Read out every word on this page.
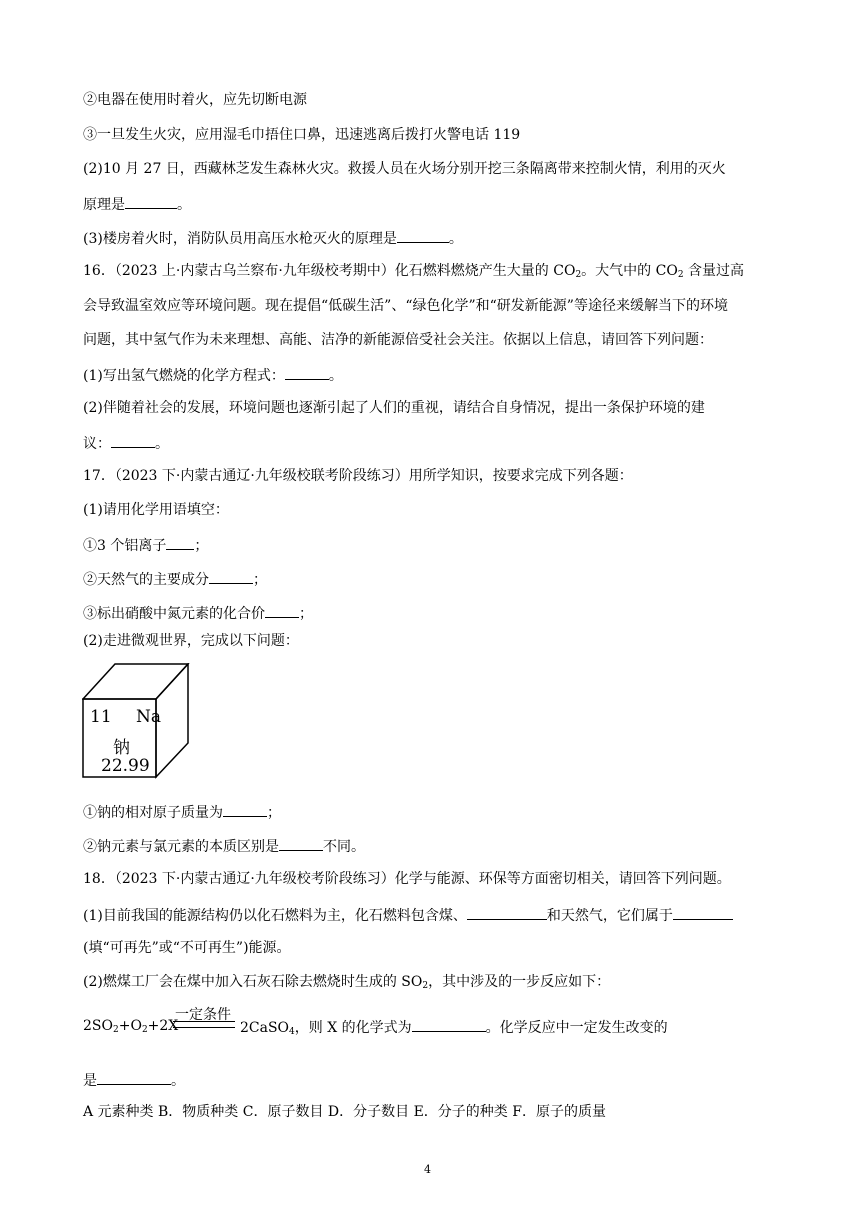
②电器在使用时着火，应先切断电源
③一旦发生火灾，应用湿毛巾捂住口鼻，迅速逃离后拨打火警电话 119
(2)10 月 27 日，西藏林芝发生森林火灾。救援人员在火场分别开挖三条隔离带来控制火情，利用的灭火
原理是	。
(3)楼房着火时，消防队员用高压水枪灭火的原理是	。
16．（2023 上·内蒙古乌兰察布·九年级校考期中）化石燃料燃烧产生大量的 $CO_2$。大气中的 $CO_2$ 含量过高
会导致温室效应等环境问题。现在提倡“低碳生活”、“绿色化学”和“研发新能源”等途径来缓解当下的环境
问题，其中氢气作为未来理想、高能、洁净的新能源倍受社会关注。依据以上信息，请回答下列问题：
(1)写出氢气燃烧的化学方程式：	。
(2)伴随着社会的发展，环境问题也逐渐引起了人们的重视，请结合自身情况，提出一条保护环境的建
议：	。
17．（2023 下·内蒙古通辽·九年级校联考阶段练习）用所学知识，按要求完成下列各题：
(1)请用化学用语填空：
①3 个铝离子 ；
②天然气的主要成分	；
③标出硝酸中氮元素的化合价 ；
(2)走进微观世界，完成以下问题：
11 Na
钠
22.99
①钠的相对原子质量为	；
②钠元素与氯元素的本质区别是	不同。
18．（2023 下·内蒙古通辽·九年级校考阶段练习）化学与能源、环保等方面密切相关，请回答下列问题。
(1)目前我国的能源结构仍以化石燃料为主，化石燃料包含煤、	和天然气，它们属于
(填“可再先”或“不可再生”)能源。
(2)燃煤工厂会在煤中加入石灰石除去燃烧时生成的 $SO_2$，其中涉及的一步反应如下：
$2SO_2+O_2+2X$
一定条件
2CaSO$_4$，则 X 的化学式为	。化学反应中一定发生改变的
是	。
A 元素种类 B．物质种类 C．原子数目 D．分子数目 E．分子的种类 F．原子的质量
4
